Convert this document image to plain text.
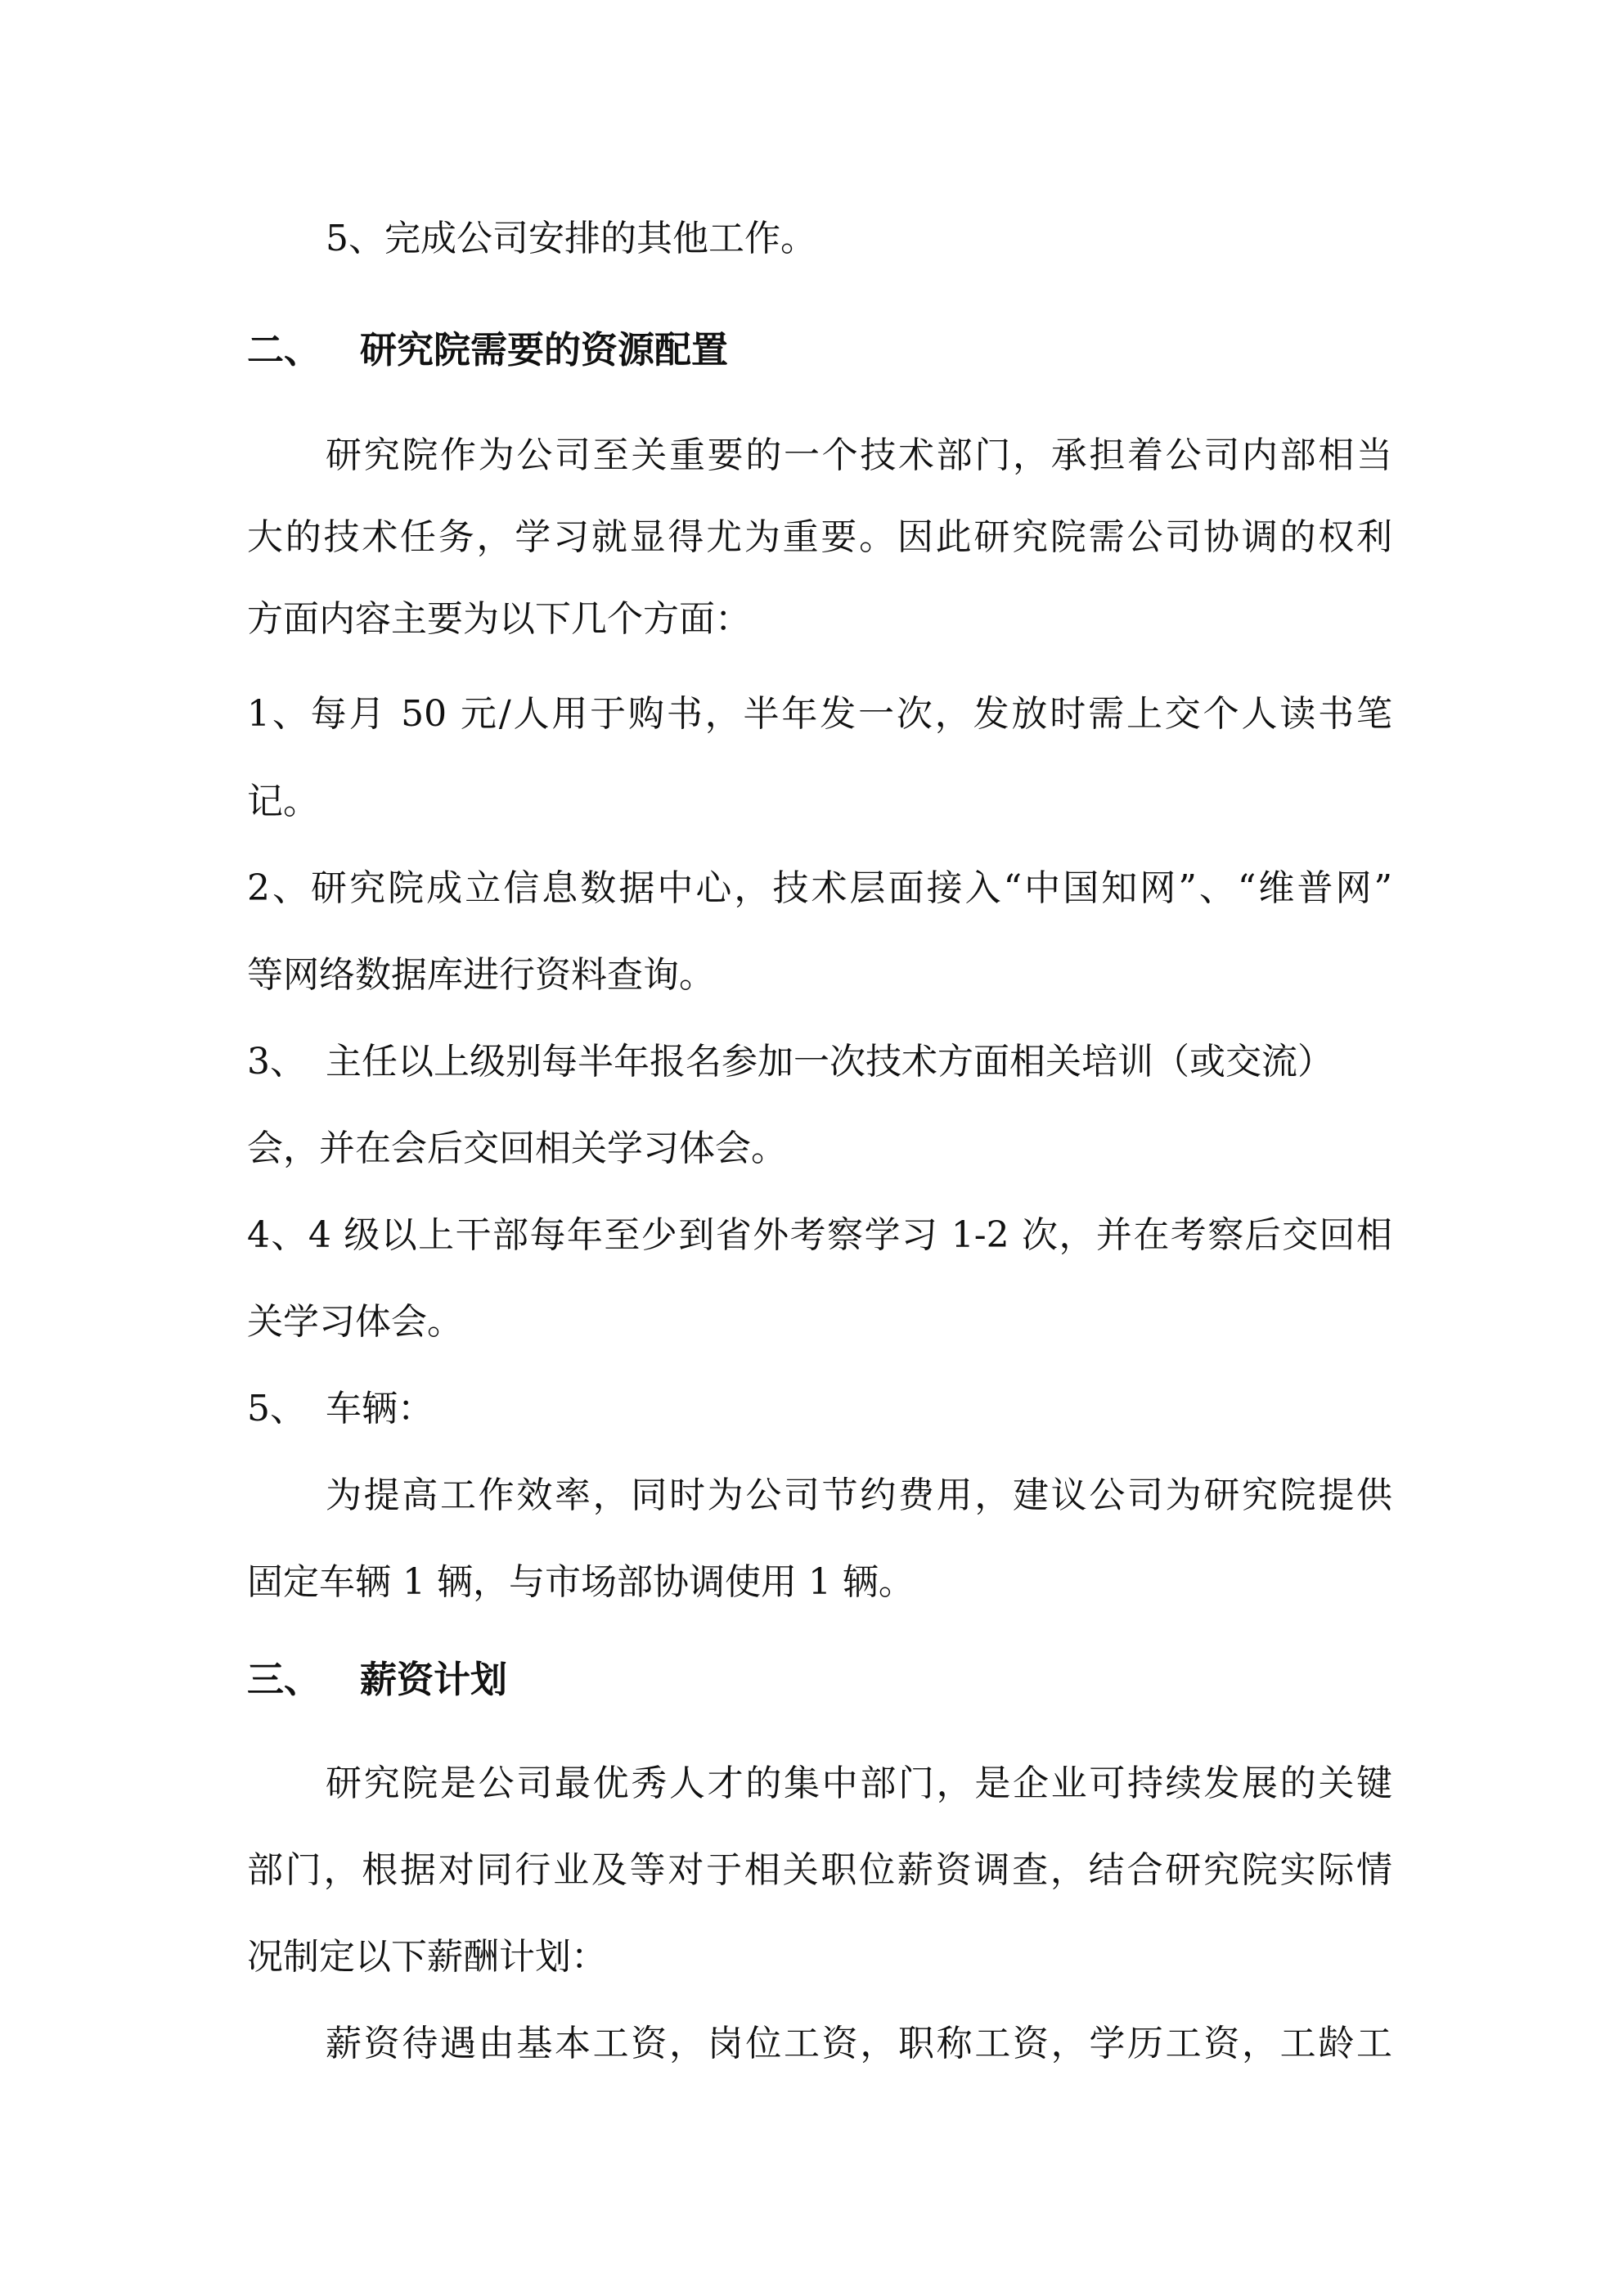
5、完成公司安排的其他工作。
二、 研究院需要的资源配置
研究院作为公司至关重要的一个技术部门，承担着公司内部相当
大的技术任务，学习就显得尤为重要。因此研究院需公司协调的权利
方面内容主要为以下几个方面：
1、每月 50 元/人用于购书，半年发一次，发放时需上交个人读书笔
记。
2、研究院成立信息数据中心，技术层面接入“中国知网”、“维普网”
等网络数据库进行资料查询。
3、 主任以上级别每半年报名参加一次技术方面相关培训（或交流）
会，并在会后交回相关学习体会。
4、4 级以上干部每年至少到省外考察学习 1-2 次，并在考察后交回相
关学习体会。
5、 车辆：
为提高工作效率，同时为公司节约费用，建议公司为研究院提供
固定车辆 1 辆，与市场部协调使用 1 辆。
三、 薪资计划
研究院是公司最优秀人才的集中部门，是企业可持续发展的关键
部门，根据对同行业及等对于相关职位薪资调查，结合研究院实际情
况制定以下薪酬计划：
薪资待遇由基本工资，岗位工资，职称工资，学历工资，工龄工
